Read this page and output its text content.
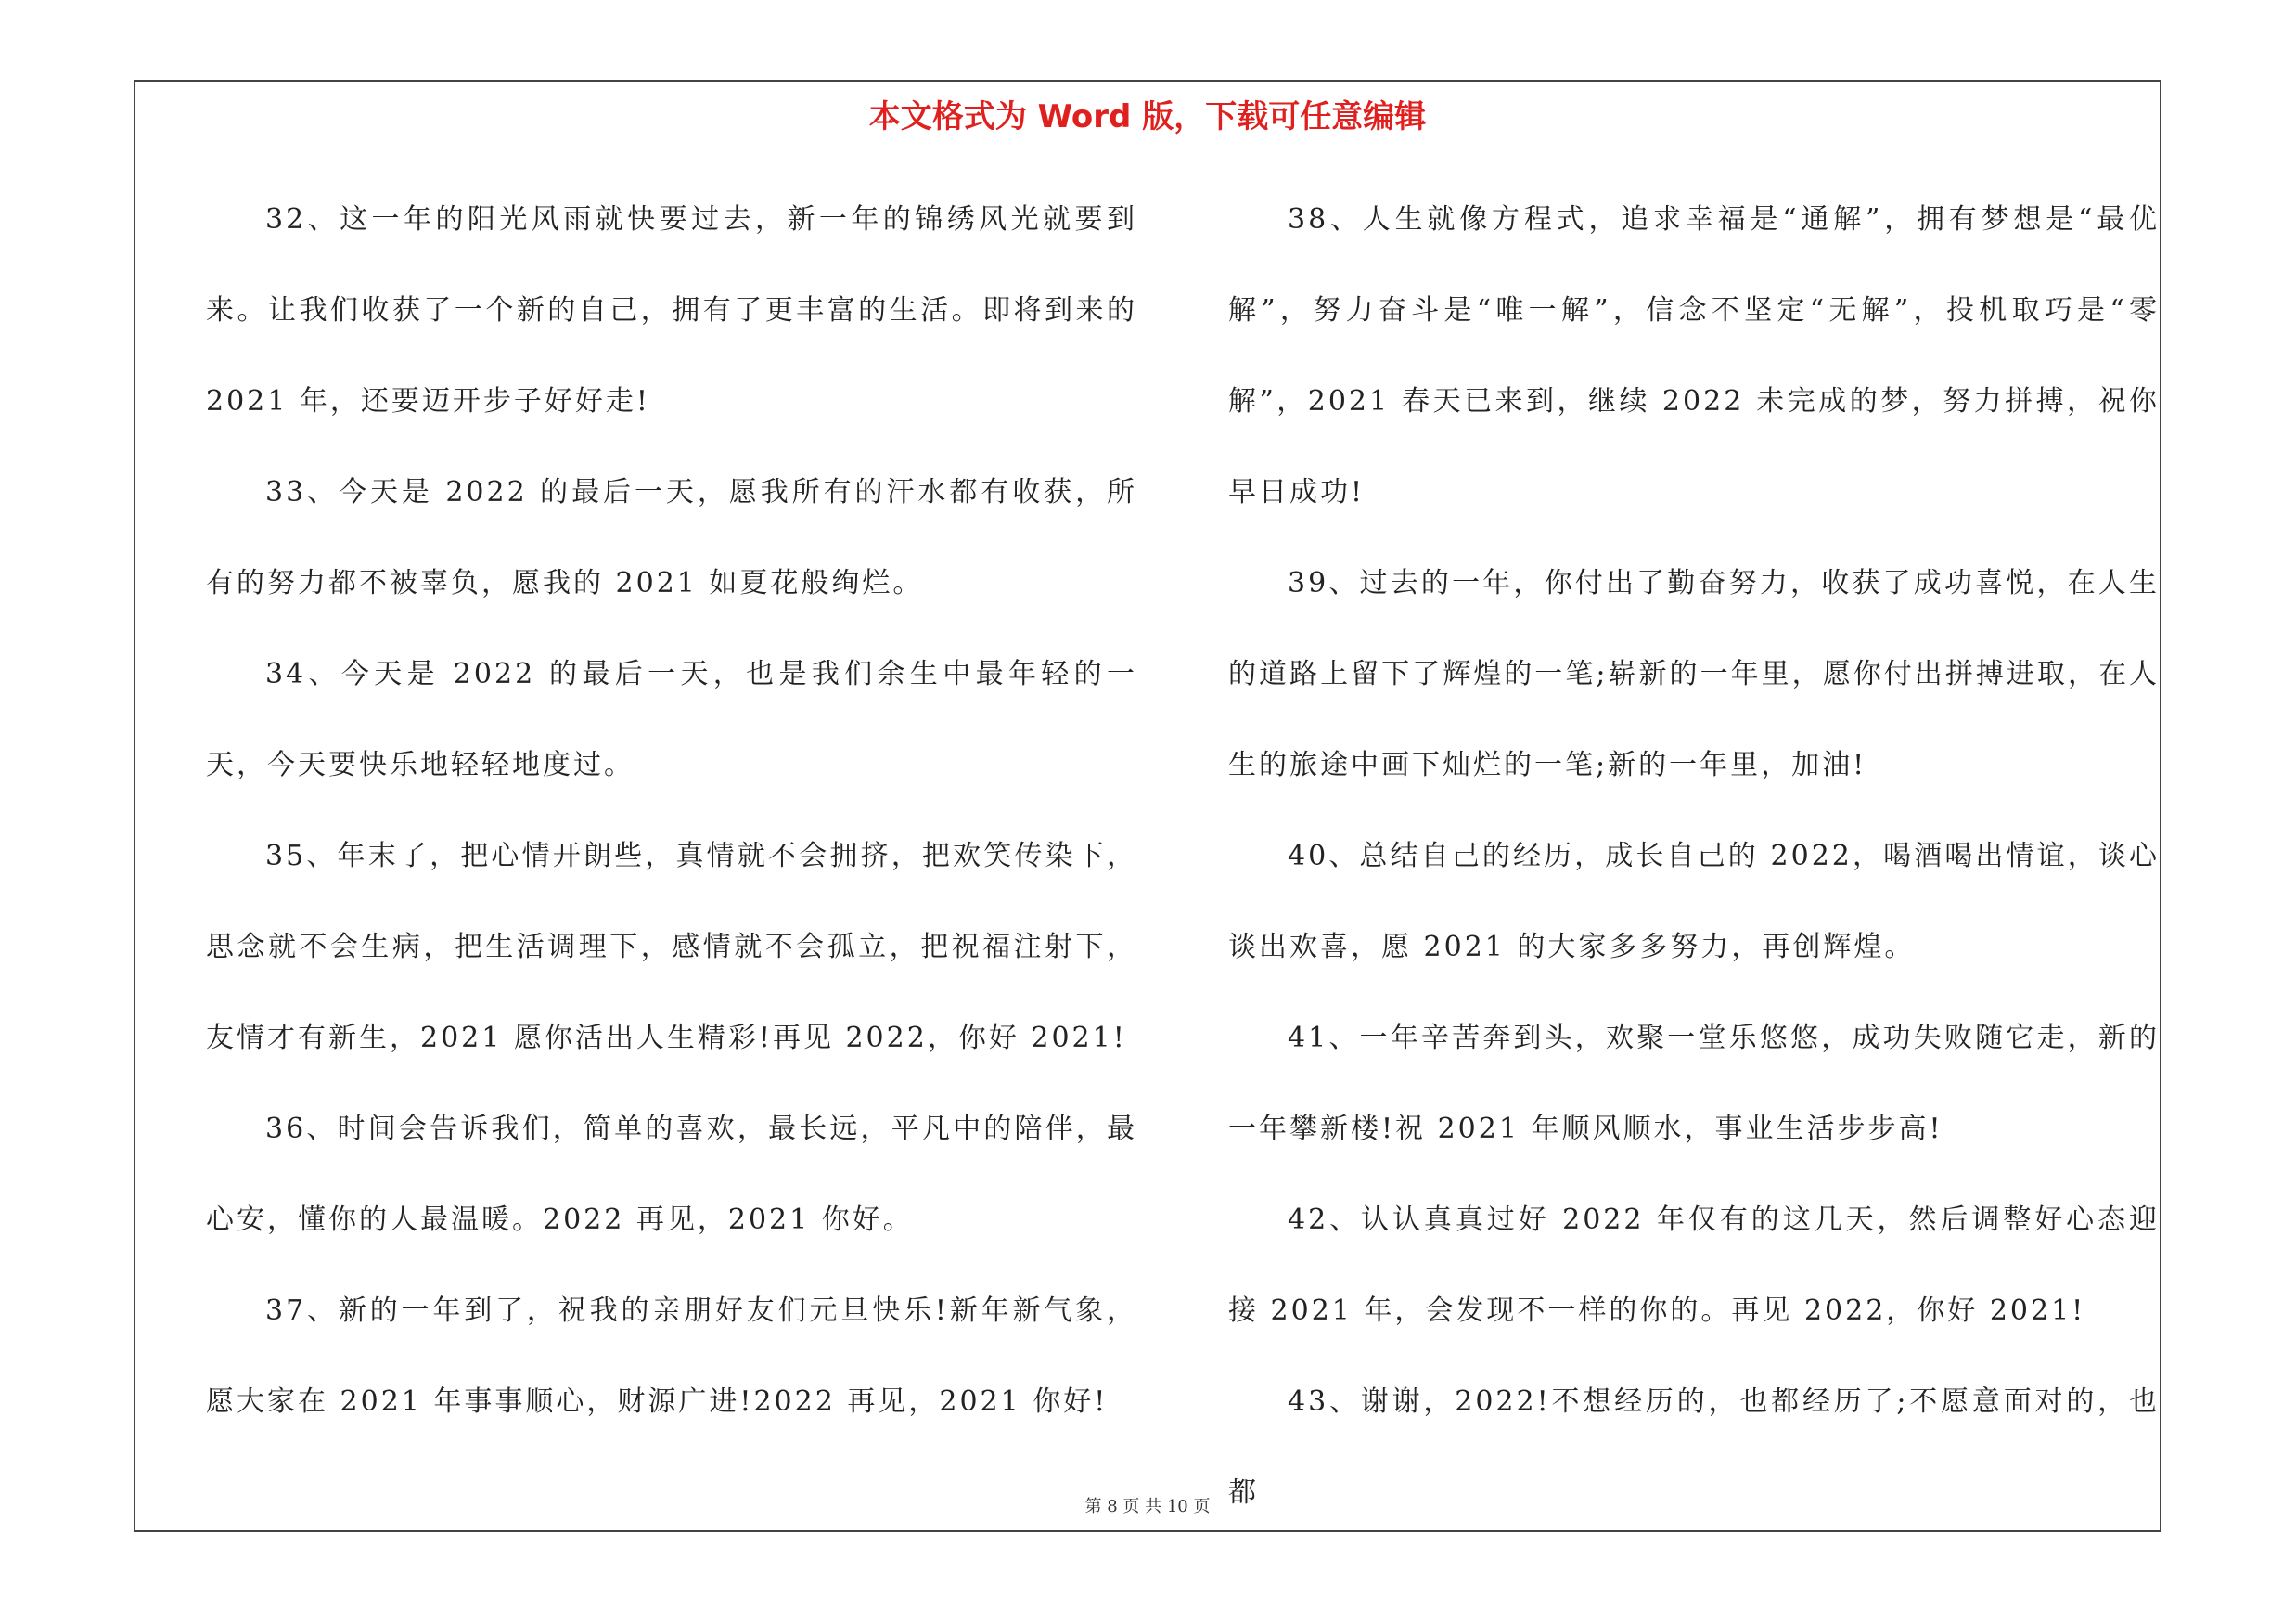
本文格式为 Word 版，下载可任意编辑

32、这一年的阳光风雨就快要过去，新一年的锦绣风光就要到来。让我们收获了一个新的自己，拥有了更丰富的生活。即将到来的 2021 年，还要迈开步子好好走!

33、今天是 2022 的最后一天，愿我所有的汗水都有收获，所有的努力都不被辜负，愿我的 2021 如夏花般绚烂。

34、今天是 2022 的最后一天，也是我们余生中最年轻的一天，今天要快乐地轻轻地度过。

35、年末了，把心情开朗些，真情就不会拥挤，把欢笑传染下，思念就不会生病，把生活调理下，感情就不会孤立，把祝福注射下，友情才有新生，2021 愿你活出人生精彩!再见 2022，你好 2021!

36、时间会告诉我们，简单的喜欢，最长远，平凡中的陪伴，最心安，懂你的人最温暖。2022 再见，2021 你好。

37、新的一年到了，祝我的亲朋好友们元旦快乐!新年新气象，愿大家在 2021 年事事顺心，财源广进!2022 再见，2021 你好!

38、人生就像方程式，追求幸福是“通解”，拥有梦想是“最优解”，努力奋斗是“唯一解”，信念不坚定“无解”，投机取巧是“零解”，2021 春天已来到，继续 2022 未完成的梦，努力拼搏，祝你早日成功!

39、过去的一年，你付出了勤奋努力，收获了成功喜悦，在人生的道路上留下了辉煌的一笔;崭新的一年里，愿你付出拼搏进取，在人生的旅途中画下灿烂的一笔;新的一年里，加油!

40、总结自己的经历，成长自己的 2022，喝酒喝出情谊，谈心谈出欢喜，愿 2021 的大家多多努力，再创辉煌。

41、一年辛苦奔到头，欢聚一堂乐悠悠，成功失败随它走，新的一年攀新楼!祝 2021 年顺风顺水，事业生活步步高!

42、认认真真过好 2022 年仅有的这几天，然后调整好心态迎接 2021 年，会发现不一样的你的。再见 2022，你好 2021!

43、谢谢，2022!不想经历的，也都经历了;不愿意面对的，也都

第 8 页 共 10 页
